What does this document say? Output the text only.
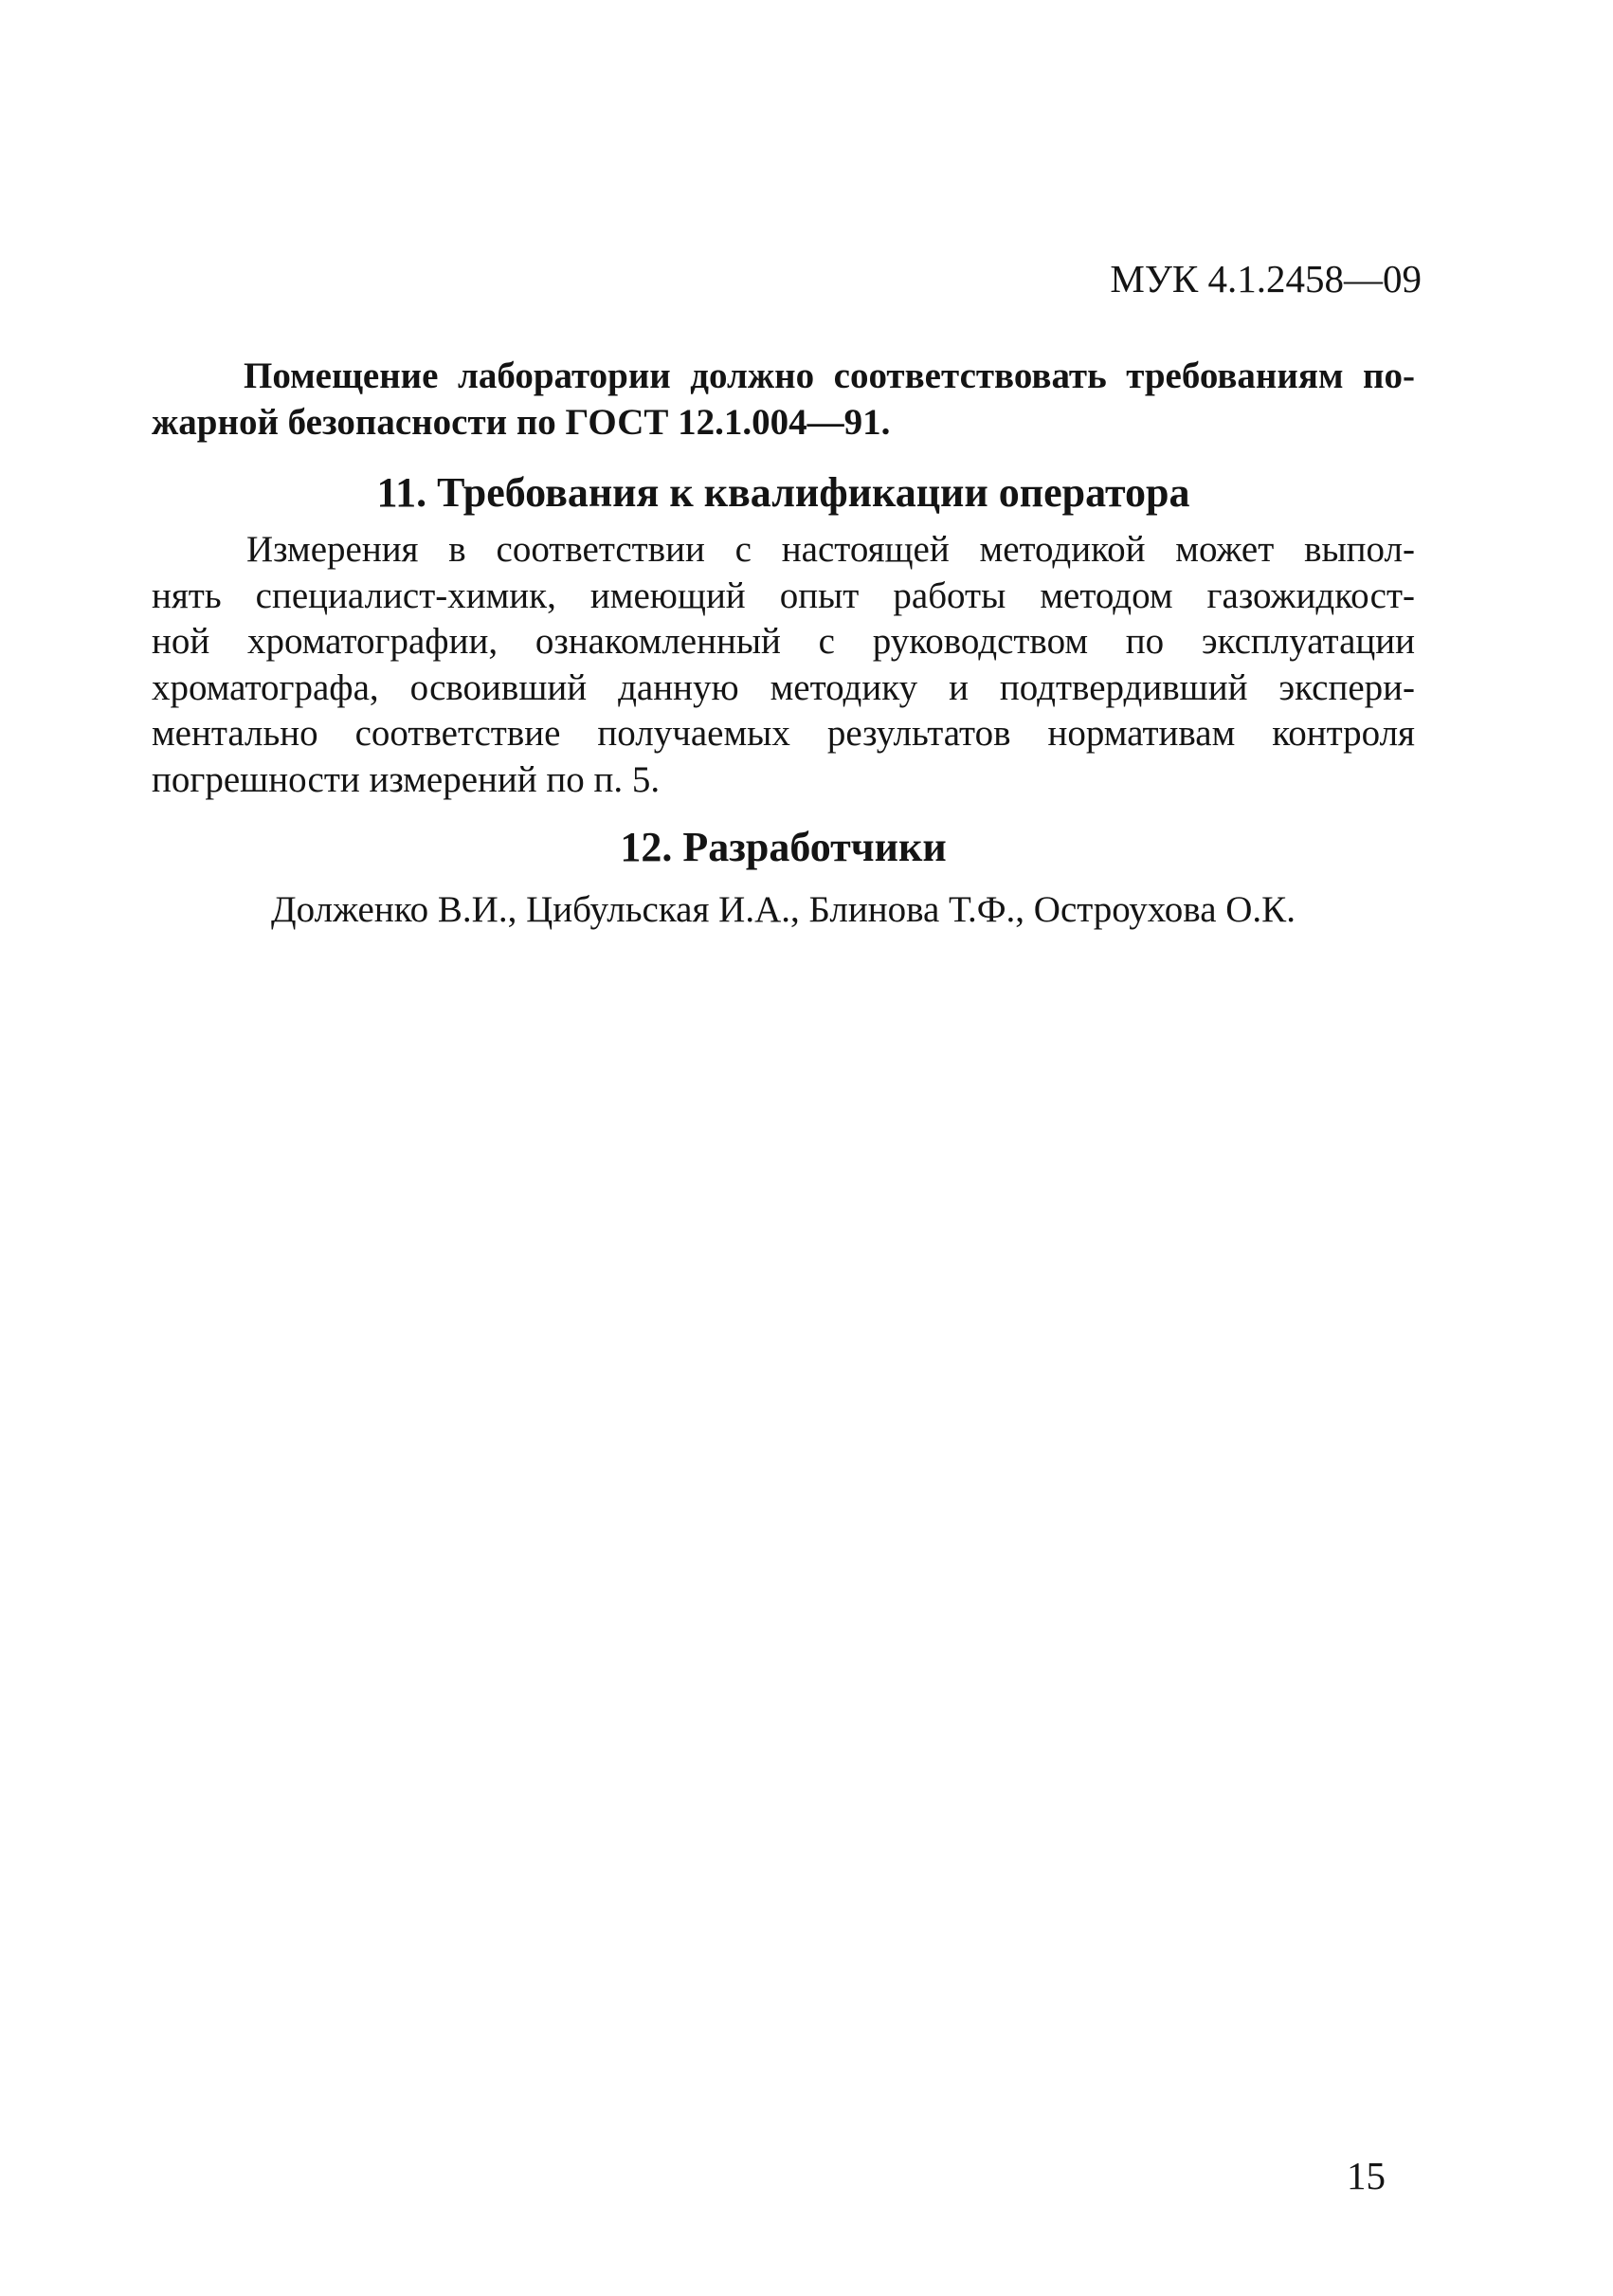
МУК 4.1.2458—09
Помещение лаборатории должно соответствовать требованиям по-
жарной безопасности по ГОСТ 12.1.004—91.
11. Требования к квалификации оператора
Измерения в соответствии с настоящей методикой может выпол-
нять специалист-химик, имеющий опыт работы методом газожидкост-
ной хроматографии, ознакомленный с руководством по эксплуатации
хроматографа, освоивший данную методику и подтвердивший экспери-
ментально соответствие получаемых результатов нормативам контроля
погрешности измерений по п. 5.
12. Разработчики
Долженко В.И., Цибульская И.А., Блинова Т.Ф., Остроухова О.К.
15
